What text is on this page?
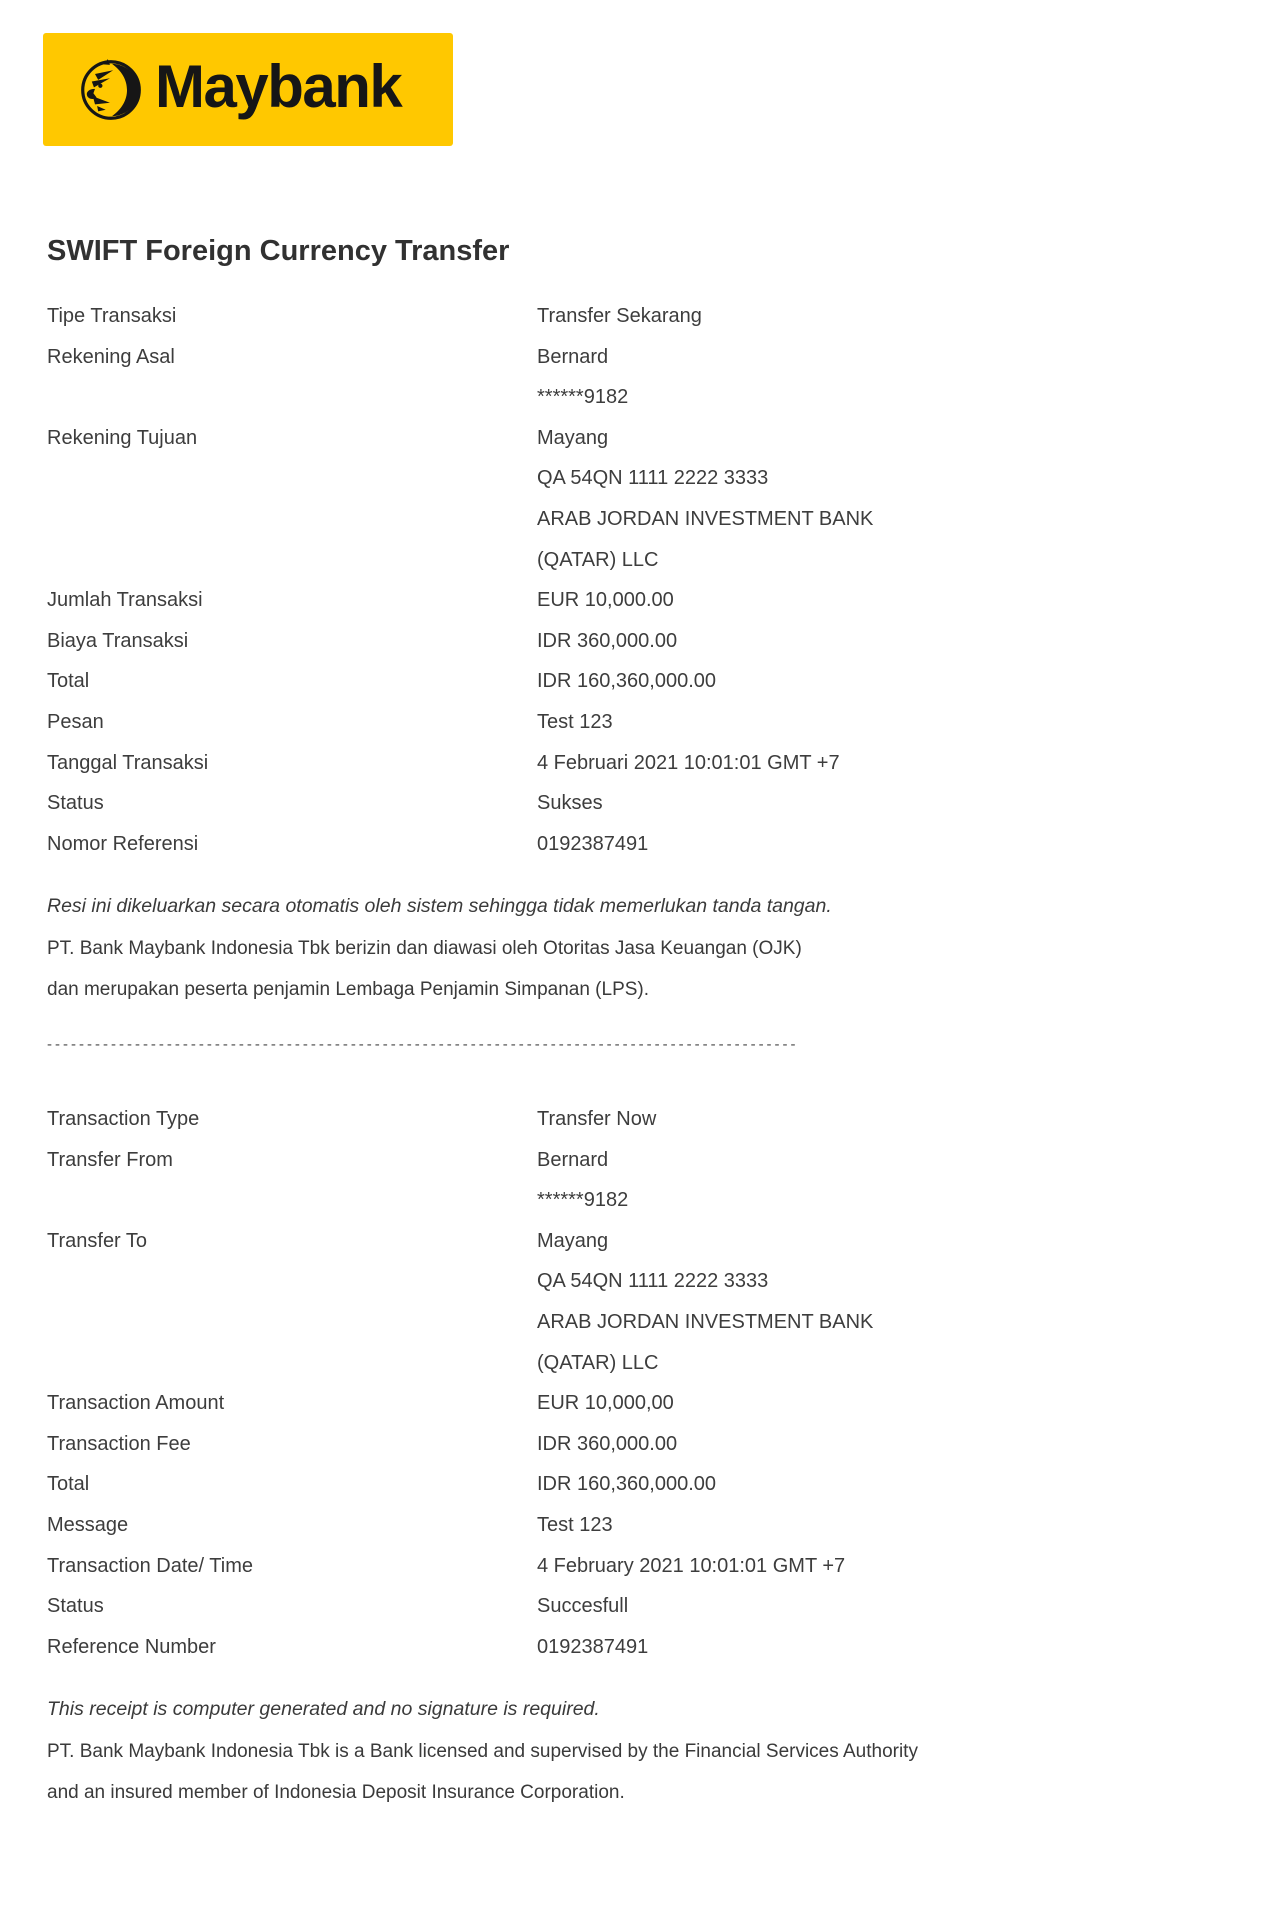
Maybank
SWIFT Foreign Currency Transfer
Tipe Transaksi	Transfer Sekarang
Rekening Asal	Bernard
******9182
Rekening Tujuan	Mayang
QA 54QN 1111 2222 3333
ARAB JORDAN INVESTMENT BANK
(QATAR) LLC
Jumlah Transaksi	EUR 10,000.00
Biaya Transaksi	IDR 360,000.00
Total	IDR 160,360,000.00
Pesan	Test 123
Tanggal Transaksi	4 Februari 2021 10:01:01 GMT +7
Status	Sukses
Nomor Referensi	0192387491

Resi ini dikeluarkan secara otomatis oleh sistem sehingga tidak memerlukan tanda tangan.

PT. Bank Maybank Indonesia Tbk berizin dan diawasi oleh Otoritas Jasa Keuangan (OJK) dan merupakan peserta penjamin Lembaga Penjamin Simpanan (LPS).

----------------------------------------------------------------------------------------------
Transaction Type	Transfer Now
Transfer From	Bernard
******9182
Transfer To	Mayang
QA 54QN 1111 2222 3333
ARAB JORDAN INVESTMENT BANK
(QATAR) LLC
Transaction Amount	EUR 10,000,00
Transaction Fee	IDR 360,000.00
Total	IDR 160,360,000.00
Message	Test 123
Transaction Date/ Time	4 February 2021 10:01:01 GMT +7
Status	Succesfull
Reference Number	0192387491

This receipt is computer generated and no signature is required.

PT. Bank Maybank Indonesia Tbk is a Bank licensed and supervised by the Financial Services Authority and an insured member of Indonesia Deposit Insurance Corporation.
